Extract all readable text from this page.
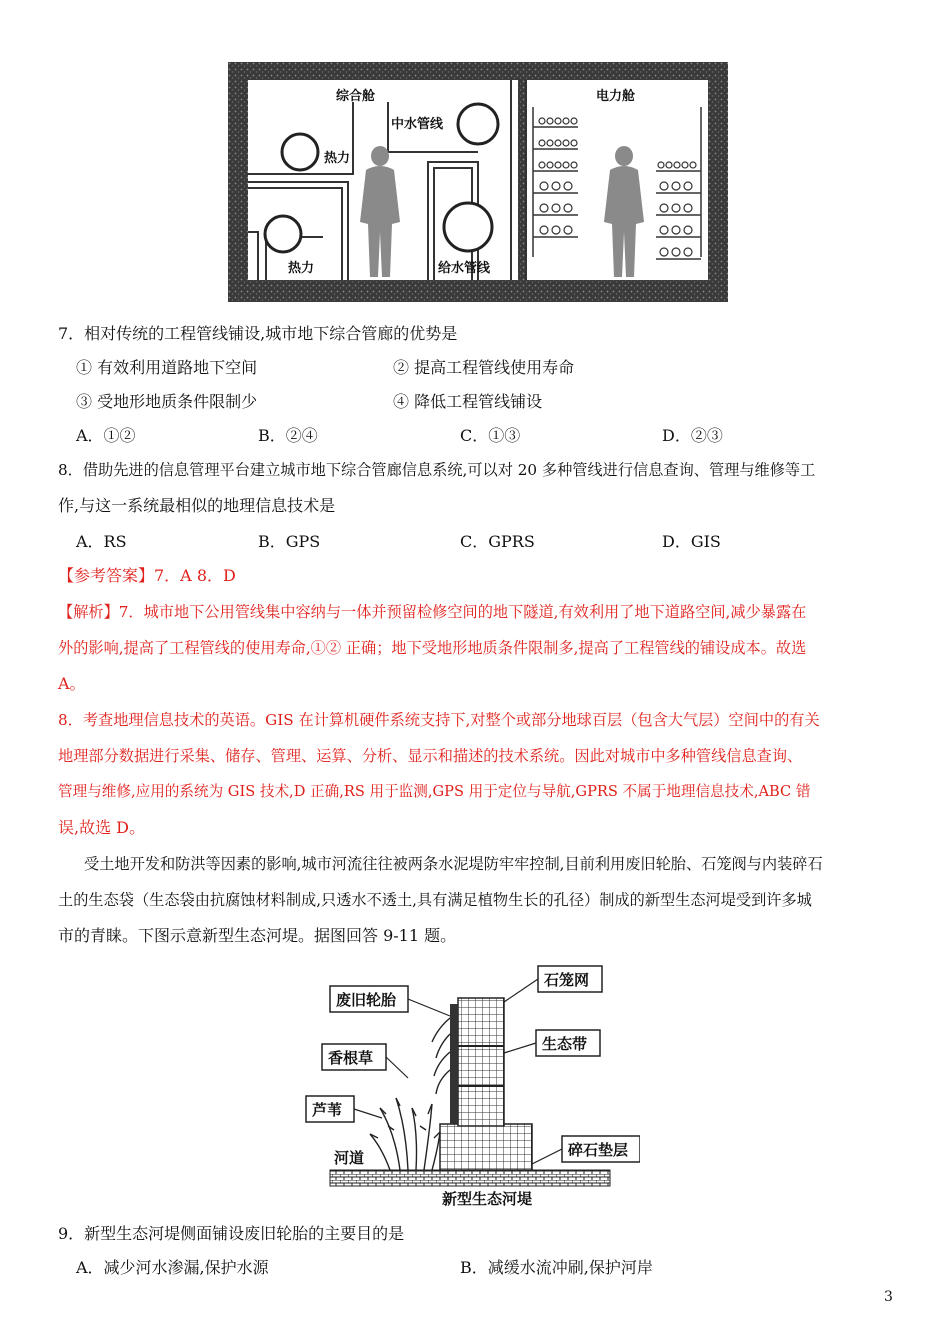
综合舱	电力舱
热力
热力
中水管线
给水管线
7．相对传统的工程管线铺设,城市地下综合管廊的优势是
① 有效利用道路地下空间	② 提高工程管线使用寿命
③ 受地形地质条件限制少	④ 降低工程管线铺设
A．①②	B．②④	C．①③	D．②③
8．借助先进的信息管理平台建立城市地下综合管廊信息系统,可以对 20 多种管线进行信息查询、管理与维修等工
作,与这一系统最相似的地理信息技术是
A．RS	B．GPS	C．GPRS	D．GIS
【参考答案】7．A 8．D
【解析】7．城市地下公用管线集中容纳与一体并预留检修空间的地下隧道,有效利用了地下道路空间,减少暴露在
外的影响,提高了工程管线的使用寿命,①② 正确；地下受地形地质条件限制多,提高了工程管线的铺设成本。故选
A。
8．考查地理信息技术的英语。GIS 在计算机硬件系统支持下,对整个或部分地球百层（包含大气层）空间中的有关
地理部分数据进行采集、储存、管理、运算、分析、显示和描述的技术系统。因此对城市中多种管线信息查询、
管理与维修,应用的系统为 GIS 技术,D 正确,RS 用于监测,GPS 用于定位与导航,GPRS 不属于地理信息技术,ABC 错
误,故选 D。
受土地开发和防洪等因素的影响,城市河流往往被两条水泥堤防牢牢控制,目前利用废旧轮胎、石笼阀与内装碎石
土的生态袋（生态袋由抗腐蚀材料制成,只透水不透土,具有满足植物生长的孔径）制成的新型生态河堤受到许多城
市的青睐。下图示意新型生态河堤。据图回答 9-11 题。
废旧轮胎
香根草
芦苇
河道
石笼网
生态带
碎石垫层
新型生态河堤
9．新型生态河堤侧面铺设废旧轮胎的主要目的是
A．减少河水渗漏,保护水源	B．减缓水流冲刷,保护河岸
3
